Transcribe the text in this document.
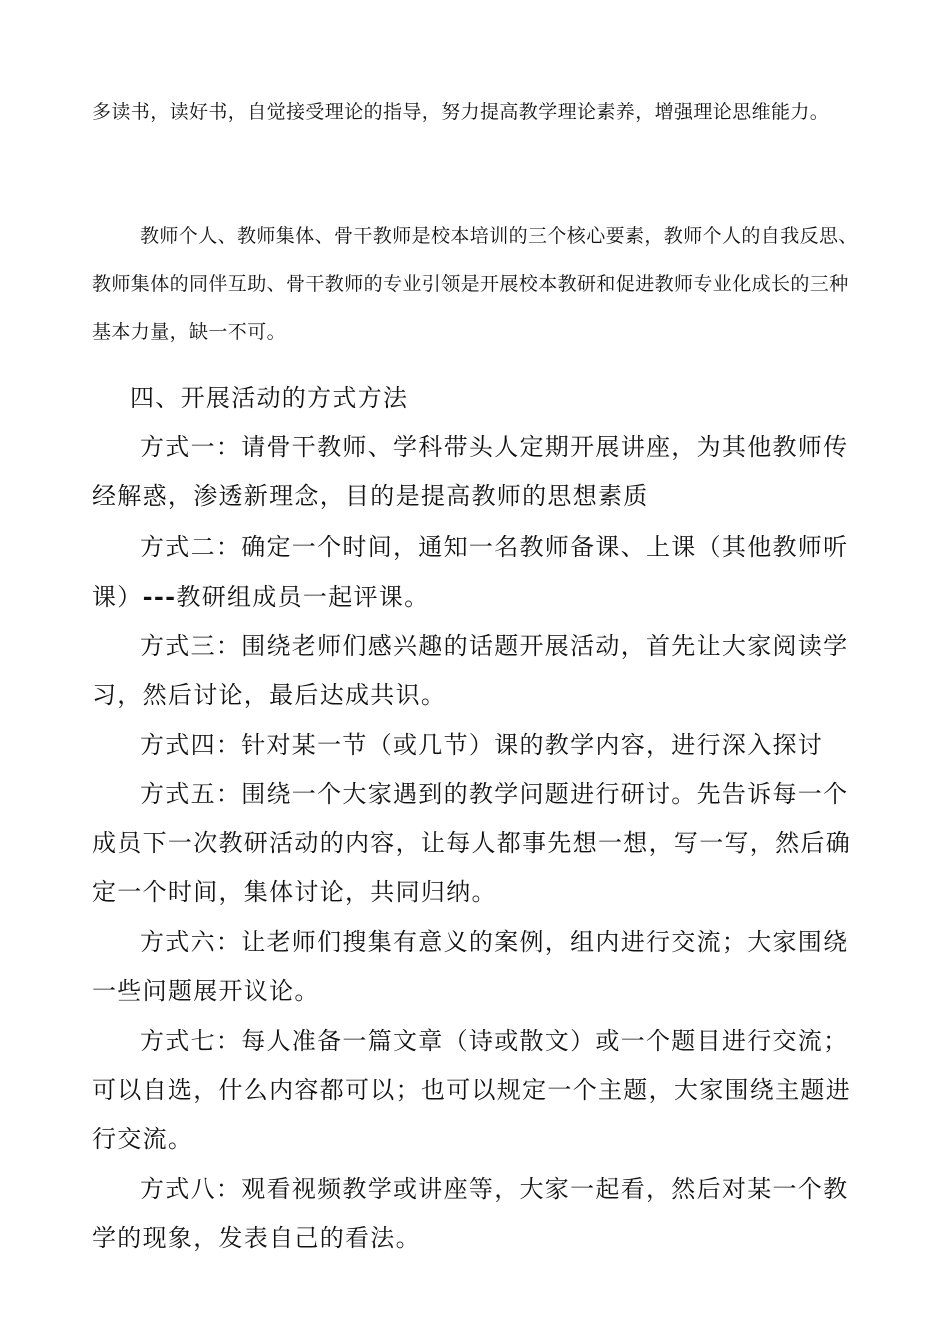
多读书，读好书，自觉接受理论的指导，努力提高教学理论素养，增强理论思维能力。

教师个人、教师集体、骨干教师是校本培训的三个核心要素，教师个人的自我反思、教师集体的同伴互助、骨干教师的专业引领是开展校本教研和促进教师专业化成长的三种基本力量，缺一不可。

四、开展活动的方式方法

方式一：请骨干教师、学科带头人定期开展讲座，为其他教师传经解惑，渗透新理念，目的是提高教师的思想素质

方式二：确定一个时间，通知一名教师备课、上课（其他教师听课）---教研组成员一起评课。

方式三：围绕老师们感兴趣的话题开展活动，首先让大家阅读学习，然后讨论，最后达成共识。

方式四：针对某一节（或几节）课的教学内容，进行深入探讨

方式五：围绕一个大家遇到的教学问题进行研讨。先告诉每一个成员下一次教研活动的内容，让每人都事先想一想，写一写，然后确定一个时间，集体讨论，共同归纳。

方式六：让老师们搜集有意义的案例，组内进行交流；大家围绕一些问题展开议论。

方式七：每人准备一篇文章（诗或散文）或一个题目进行交流；可以自选，什么内容都可以；也可以规定一个主题，大家围绕主题进行交流。

方式八：观看视频教学或讲座等，大家一起看，然后对某一个教学的现象，发表自己的看法。
